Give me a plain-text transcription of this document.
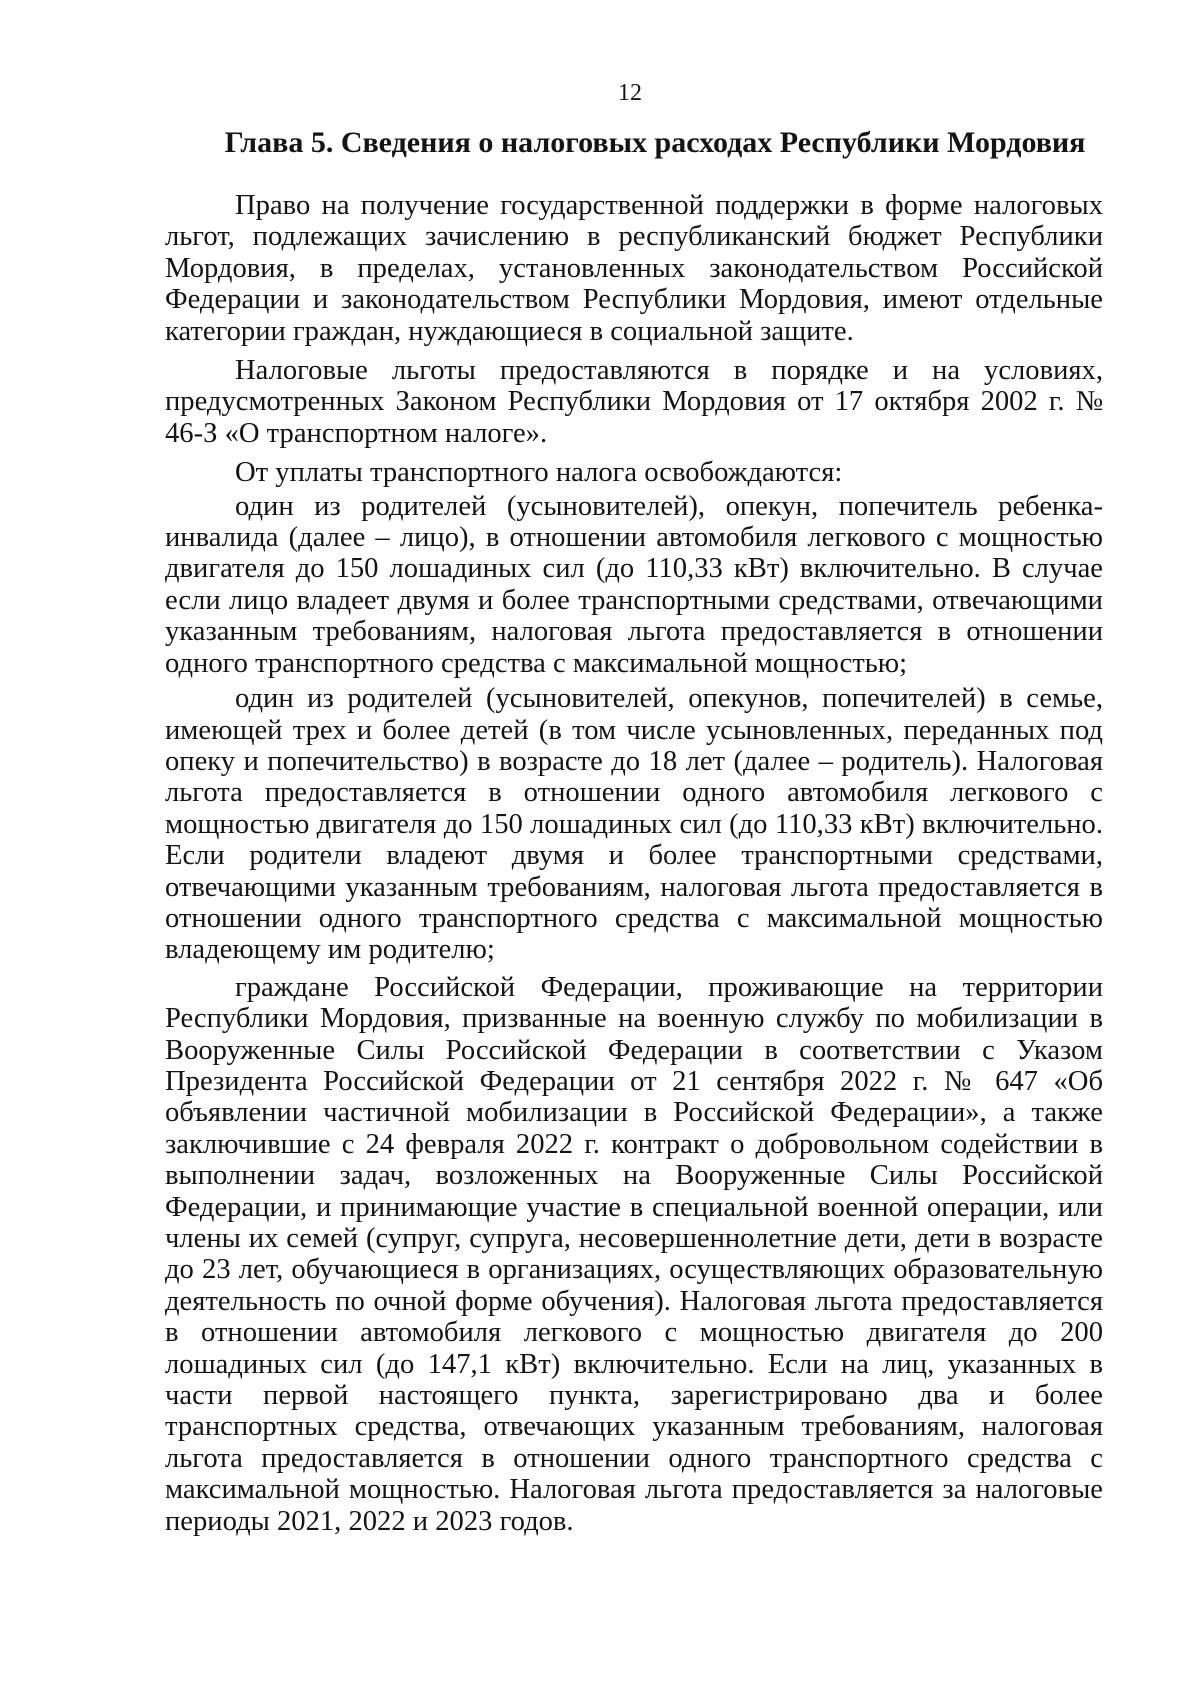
12
Глава 5. Сведения о налоговых расходах Республики Мордовия

Право на получение государственной поддержки в форме налоговых льгот, подлежащих зачислению в республиканский бюджет Республики Мордовия, в пределах, установленных законодательством Российской Федерации и законодательством Республики Мордовия, имеют отдельные категории граждан, нуждающиеся в социальной защите.

Налоговые льготы предоставляются в порядке и на условиях, предусмотренных Законом Республики Мордовия от 17 октября 2002 г. № 46-З «О транспортном налоге».

От уплаты транспортного налога освобождаются:

один из родителей (усыновителей), опекун, попечитель ребенка-инвалида (далее – лицо), в отношении автомобиля легкового с мощностью двигателя до 150 лошадиных сил (до 110,33 кВт) включительно. В случае если лицо владеет двумя и более транспортными средствами, отвечающими указанным требованиям, налоговая льгота предоставляется в отношении одного транспортного средства с максимальной мощностью;

один из родителей (усыновителей, опекунов, попечителей) в семье, имеющей трех и более детей (в том числе усыновленных, переданных под опеку и попечительство) в возрасте до 18 лет (далее – родитель). Налоговая льгота предоставляется в отношении одного автомобиля легкового с мощностью двигателя до 150 лошадиных сил (до 110,33 кВт) включительно. Если родители владеют двумя и более транспортными средствами, отвечающими указанным требованиям, налоговая льгота предоставляется в отношении одного транспортного средства с максимальной мощностью владеющему им родителю;

граждане Российской Федерации, проживающие на территории Республики Мордовия, призванные на военную службу по мобилизации в Вооруженные Силы Российской Федерации в соответствии с Указом Президента Российской Федерации от 21 сентября 2022 г. № 647 «Об объявлении частичной мобилизации в Российской Федерации», а также заключившие с 24 февраля 2022 г. контракт о добровольном содействии в выполнении задач, возложенных на Вооруженные Силы Российской Федерации, и принимающие участие в специальной военной операции, или члены их семей (супруг, супруга, несовершеннолетние дети, дети в возрасте до 23 лет, обучающиеся в организациях, осуществляющих образовательную деятельность по очной форме обучения). Налоговая льгота предоставляется в отношении автомобиля легкового с мощностью двигателя до 200 лошадиных сил (до 147,1 кВт) включительно. Если на лиц, указанных в части первой настоящего пункта, зарегистрировано два и более транспортных средства, отвечающих указанным требованиям, налоговая льгота предоставляется в отношении одного транспортного средства с максимальной мощностью. Налоговая льгота предоставляется за налоговые периоды 2021, 2022 и 2023 годов.
